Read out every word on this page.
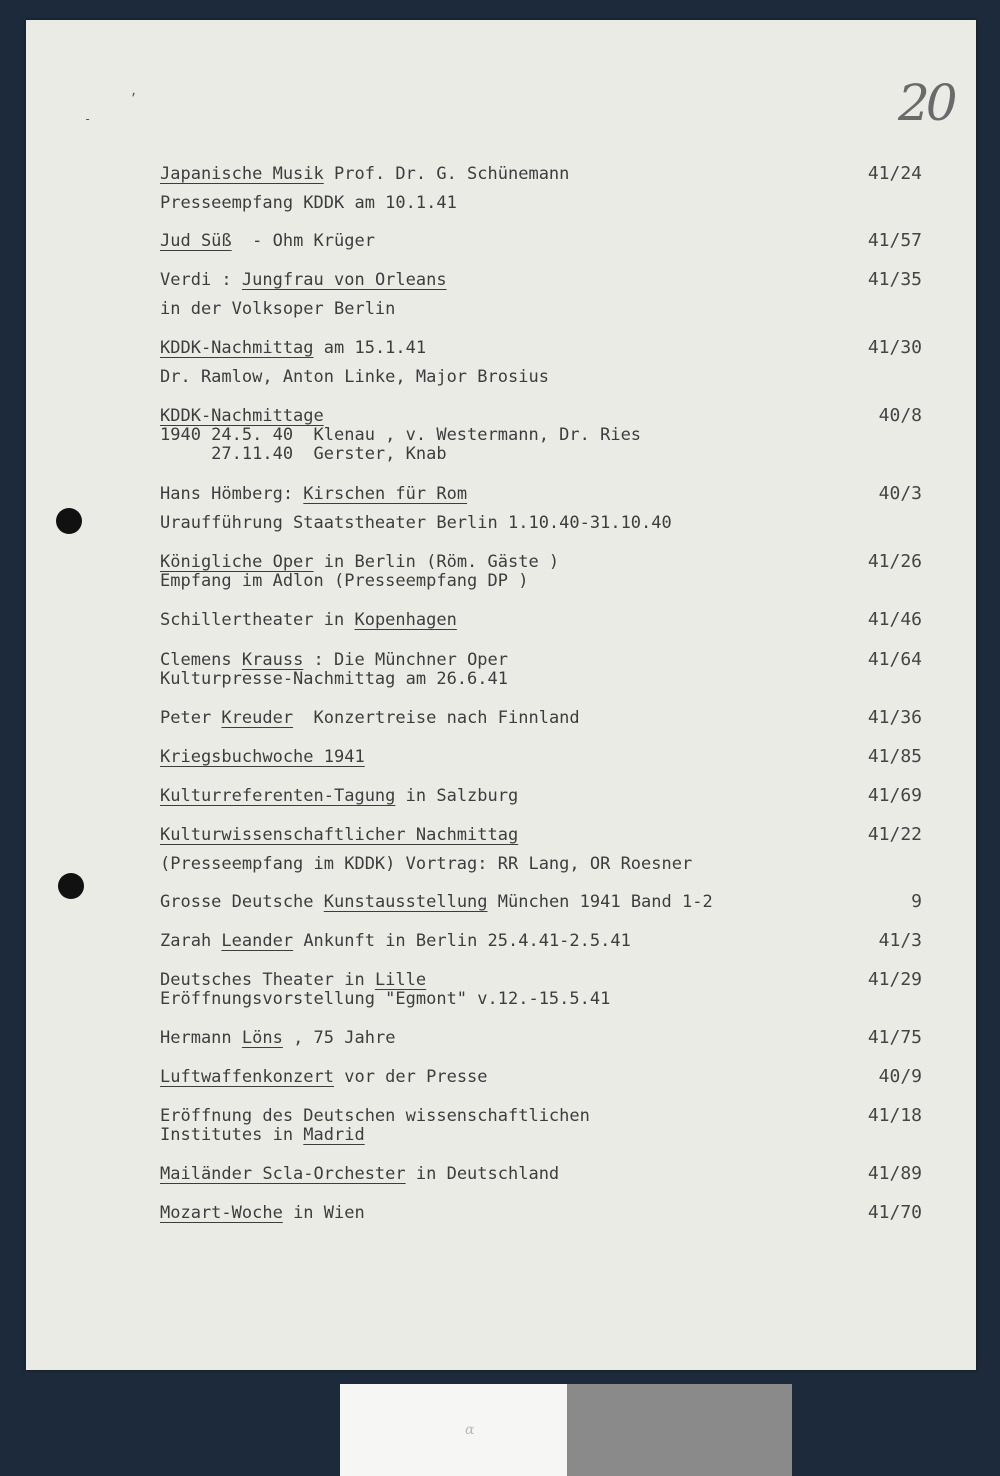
20
,
-
Japanische Musik Prof. Dr. G. Schünemann	41/24
Presseempfang KDDK am 10.1.41
Jud Süß  - Ohm Krüger	41/57
Verdi : Jungfrau von Orleans	41/35
in der Volksoper Berlin
KDDK-Nachmittag am 15.1.41	41/30
Dr. Ramlow, Anton Linke, Major Brosius
KDDK-Nachmittage	40/8
1940 24.5. 40  Klenau , v. Westermann, Dr. Ries
27.11.40  Gerster, Knab
Hans Hömberg: Kirschen für Rom	40/3
Uraufführung Staatstheater Berlin 1.10.40-31.10.40
Königliche Oper in Berlin (Röm. Gäste )	41/26
Empfang im Adlon (Presseempfang DP )
Schillertheater in Kopenhagen	41/46
Clemens Krauss : Die Münchner Oper	41/64
Kulturpresse-Nachmittag am 26.6.41
Peter Kreuder  Konzertreise nach Finnland	41/36
Kriegsbuchwoche 1941	41/85
Kulturreferenten-Tagung in Salzburg	41/69
Kulturwissenschaftlicher Nachmittag	41/22
(Presseempfang im KDDK) Vortrag: RR Lang, OR Roesner
Grosse Deutsche Kunstausstellung München 1941 Band 1-2	9
Zarah Leander Ankunft in Berlin 25.4.41-2.5.41	41/3
Deutsches Theater in Lille	41/29
Eröffnungsvorstellung "Egmont" v.12.-15.5.41
Hermann Löns , 75 Jahre	41/75
Luftwaffenkonzert vor der Presse	40/9
Eröffnung des Deutschen wissenschaftlichen	41/18
Institutes in Madrid
Mailänder Scla-Orchester in Deutschland	41/89
Mozart-Woche in Wien	41/70
α
